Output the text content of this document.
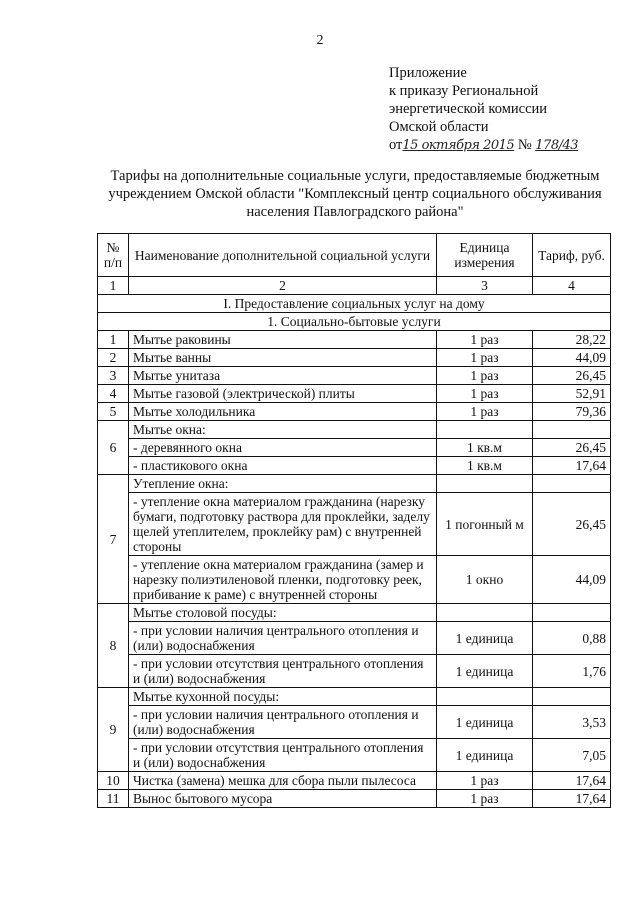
2
Приложение
к приказу Региональной
энергетической комиссии
Омской области
от15 октября 2015 № 178/43
Тарифы на дополнительные социальные услуги, предоставляемые бюджетным учреждением Омской области "Комплексный центр социального обслуживания населения Павлоградского района"
№ п/п	Наименование дополнительной социальной услуги	Единица измерения	Тариф, руб.
1	2	3	4
I. Предоставление социальных услуг на дому			
1. Социально-бытовые услуги			
1	Мытье раковины	1 раз	28,22
2	Мытье ванны	1 раз	44,09
3	Мытье унитаза	1 раз	26,45
4	Мытье газовой (электрической) плиты	1 раз	52,91
5	Мытье холодильника	1 раз	79,36
6	Мытье окна:		
	- деревянного окна	1 кв.м	26,45
	- пластикового окна	1 кв.м	17,64
7	Утепление окна:		
	- утепление окна материалом гражданина (нарезку бумаги, подготовку раствора для проклейки, заделу щелей утеплителем, проклейку рам) с внутренней стороны	1 погонный м	26,45
	- утепление окна материалом гражданина (замер и нарезку полиэтиленовой пленки, подготовку реек, прибивание к раме) с внутренней стороны	1 окно	44,09
8	Мытье столовой посуды:		
	- при условии наличия центрального отопления и (или) водоснабжения	1 единица	0,88
	- при условии отсутствия центрального отопления и (или) водоснабжения	1 единица	1,76
9	Мытье кухонной посуды:		
	- при условии наличия центрального отопления и (или) водоснабжения	1 единица	3,53
	- при условии отсутствия центрального отопления и (или) водоснабжения	1 единица	7,05
10	Чистка (замена) мешка для сбора пыли пылесоса	1 раз	17,64
11	Вынос бытового мусора	1 раз	17,64
